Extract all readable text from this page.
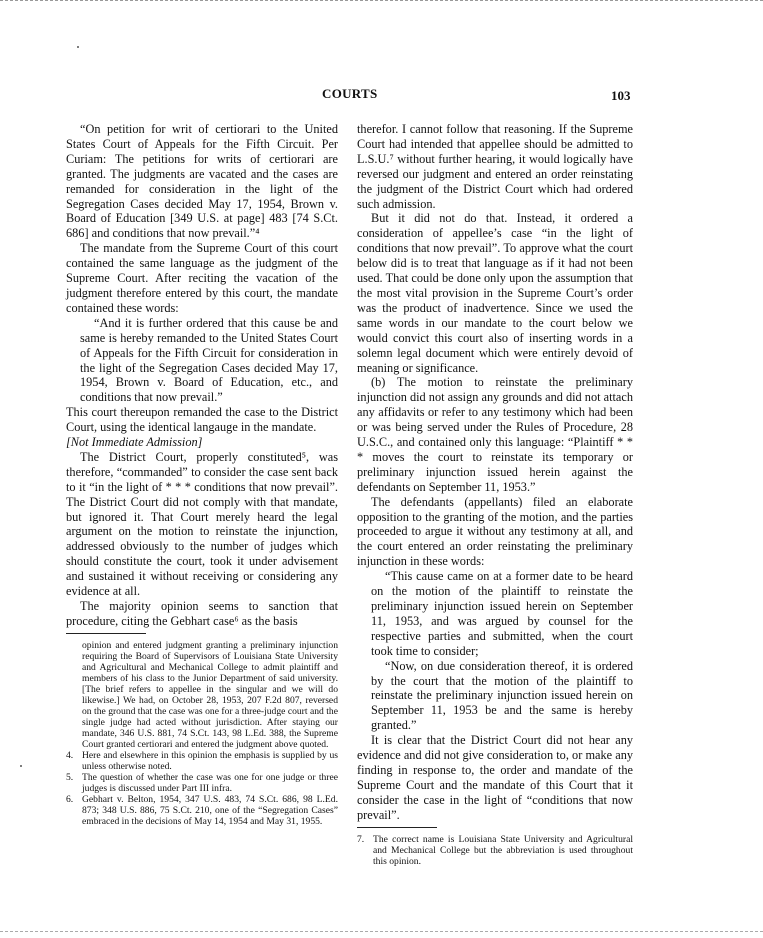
COURTS	103

“On petition for writ of certiorari to the United States Court of Appeals for the Fifth Circuit. Per Curiam: The petitions for writs of certiorari are granted. The judgments are vacated and the cases are remanded for consideration in the light of the Segregation Cases decided May 17, 1954, Brown v. Board of Education [349 U.S. at page] 483 [74 S.Ct. 686] and conditions that now prevail.”⁴

The mandate from the Supreme Court of this court contained the same language as the judgment of the Supreme Court. After reciting the vacation of the judgment therefore entered by this court, the mandate contained these words:

“And it is further ordered that this cause be and same is hereby remanded to the United States Court of Appeals for the Fifth Circuit for consideration in the light of the Segregation Cases decided May 17, 1954, Brown v. Board of Education, etc., and conditions that now prevail.”

This court thereupon remanded the case to the District Court, using the identical langauge in the mandate.

[Not Immediate Admission]

The District Court, properly constituted⁵, was therefore, “commanded” to consider the case sent back to it “in the light of * * * conditions that now prevail”. The District Court did not comply with that mandate, but ignored it. That Court merely heard the legal argument on the motion to reinstate the injunction, addressed obviously to the number of judges which should constitute the court, took it under advisement and sustained it without receiving or considering any evidence at all.

The majority opinion seems to sanction that procedure, citing the Gebhart case⁶ as the basis

opinion and entered judgment granting a preliminary injunction requiring the Board of Supervisors of Louisiana State University and Agricultural and Mechanical College to admit plaintiff and members of his class to the Junior Department of said university. [The brief refers to appellee in the singular and we will do likewise.] We had, on October 28, 1953, 207 F.2d 807, reversed on the ground that the case was one for a three-judge court and the single judge had acted without jurisdiction. After staying our mandate, 346 U.S. 881, 74 S.Ct. 143, 98 L.Ed. 388, the Supreme Court granted certiorari and entered the judgment above quoted.

4. Here and elsewhere in this opinion the emphasis is supplied by us unless otherwise noted.
5. The question of whether the case was one for one judge or three judges is discussed under Part III infra.
6. Gebhart v. Belton, 1954, 347 U.S. 483, 74 S.Ct. 686, 98 L.Ed. 873; 348 U.S. 886, 75 S.Ct. 210, one of the “Segregation Cases” embraced in the decisions of May 14, 1954 and May 31, 1955.

therefor. I cannot follow that reasoning. If the Supreme Court had intended that appellee should be admitted to L.S.U.⁷ without further hearing, it would logically have reversed our judgment and entered an order reinstating the judgment of the District Court which had ordered such admission.

But it did not do that. Instead, it ordered a consideration of appellee’s case “in the light of conditions that now prevail”. To approve what the court below did is to treat that language as if it had not been used. That could be done only upon the assumption that the most vital provision in the Supreme Court’s order was the product of inadvertence. Since we used the same words in our mandate to the court below we would convict this court also of inserting words in a solemn legal document which were entirely devoid of meaning or significance.

(b) The motion to reinstate the preliminary injunction did not assign any grounds and did not attach any affidavits or refer to any testimony which had been or was being served under the Rules of Procedure, 28 U.S.C., and contained only this language: “Plaintiff * * * moves the court to reinstate its temporary or preliminary injunction issued herein against the defendants on September 11, 1953.”

The defendants (appellants) filed an elaborate opposition to the granting of the motion, and the parties proceeded to argue it without any testimony at all, and the court entered an order reinstating the preliminary injunction in these words:

“This cause came on at a former date to be heard on the motion of the plaintiff to reinstate the preliminary injunction issued herein on September 11, 1953, and was argued by counsel for the respective parties and submitted, when the court took time to consider;

“Now, on due consideration thereof, it is ordered by the court that the motion of the plaintiff to reinstate the preliminary injunction issued herein on September 11, 1953 be and the same is hereby granted.”

It is clear that the District Court did not hear any evidence and did not give consideration to, or make any finding in response to, the order and mandate of the Supreme Court and the mandate of this Court that it consider the case in the light of “conditions that now prevail”.

7. The correct name is Louisiana State University and Agricultural and Mechanical College but the abbreviation is used throughout this opinion.
